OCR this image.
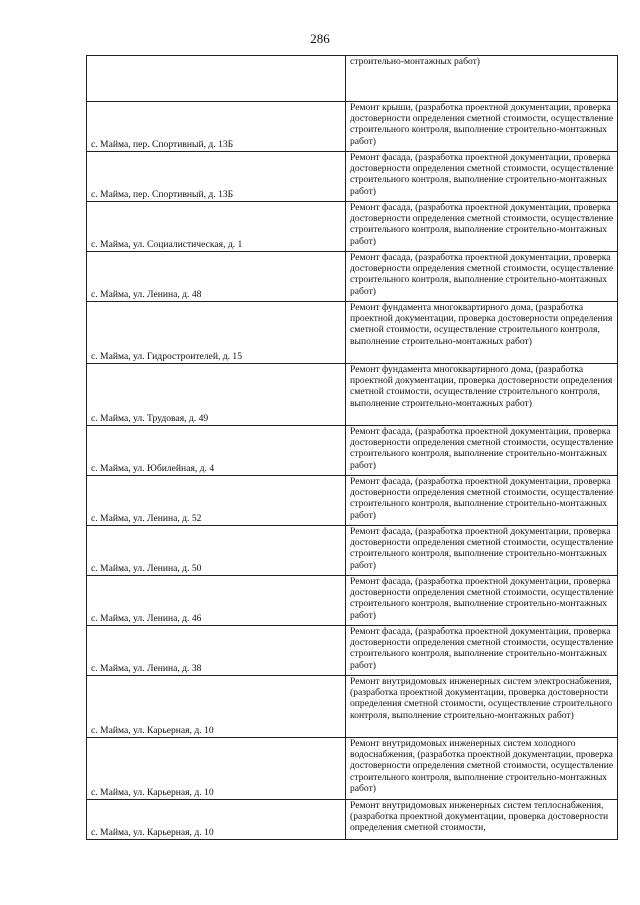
286
	строительно-монтажных работ)
с. Майма, пер. Спортивный, д. 13Б	Ремонт крыши, (разработка проектной документации, проверка достоверности определения сметной стоимости, осуществление строительного контроля, выполнение строительно-монтажных работ)
с. Майма, пер. Спортивный, д. 13Б	Ремонт фасада, (разработка проектной документации, проверка достоверности определения сметной стоимости, осуществление строительного контроля, выполнение строительно-монтажных работ)
с. Майма, ул. Социалистическая, д. 1	Ремонт фасада, (разработка проектной документации, проверка достоверности определения сметной стоимости, осуществление строительного контроля, выполнение строительно-монтажных работ)
с. Майма, ул. Ленина, д. 48	Ремонт фасада, (разработка проектной документации, проверка достоверности определения сметной стоимости, осуществление строительного контроля, выполнение строительно-монтажных работ)
с. Майма, ул. Гидростроителей, д. 15	Ремонт фундамента многоквартирного дома, (разработка проектной документации, проверка достоверности определения сметной стоимости, осуществление строительного контроля, выполнение строительно-монтажных работ)
с. Майма, ул. Трудовая, д. 49	Ремонт фундамента многоквартирного дома, (разработка проектной документации, проверка достоверности определения сметной стоимости, осуществление строительного контроля, выполнение строительно-монтажных работ)
с. Майма, ул. Юбилейная, д. 4	Ремонт фасада, (разработка проектной документации, проверка достоверности определения сметной стоимости, осуществление строительного контроля, выполнение строительно-монтажных работ)
с. Майма, ул. Ленина, д. 52	Ремонт фасада, (разработка проектной документации, проверка достоверности определения сметной стоимости, осуществление строительного контроля, выполнение строительно-монтажных работ)
с. Майма, ул. Ленина, д. 50	Ремонт фасада, (разработка проектной документации, проверка достоверности определения сметной стоимости, осуществление строительного контроля, выполнение строительно-монтажных работ)
с. Майма, ул. Ленина, д. 46	Ремонт фасада, (разработка проектной документации, проверка достоверности определения сметной стоимости, осуществление строительного контроля, выполнение строительно-монтажных работ)
с. Майма, ул. Ленина, д. 38	Ремонт фасада, (разработка проектной документации, проверка достоверности определения сметной стоимости, осуществление строительного контроля, выполнение строительно-монтажных работ)
с. Майма, ул. Карьерная, д. 10	Ремонт внутридомовых инженерных систем электроснабжения, (разработка проектной документации, проверка достоверности определения сметной стоимости, осуществление строительного контроля, выполнение строительно-монтажных работ)
с. Майма, ул. Карьерная, д. 10	Ремонт внутридомовых инженерных систем холодного водоснабжения, (разработка проектной документации, проверка достоверности определения сметной стоимости, осуществление строительного контроля, выполнение строительно-монтажных работ)
с. Майма, ул. Карьерная, д. 10	Ремонт внутридомовых инженерных систем теплоснабжения, (разработка проектной документации, проверка достоверности определения сметной стоимости,
